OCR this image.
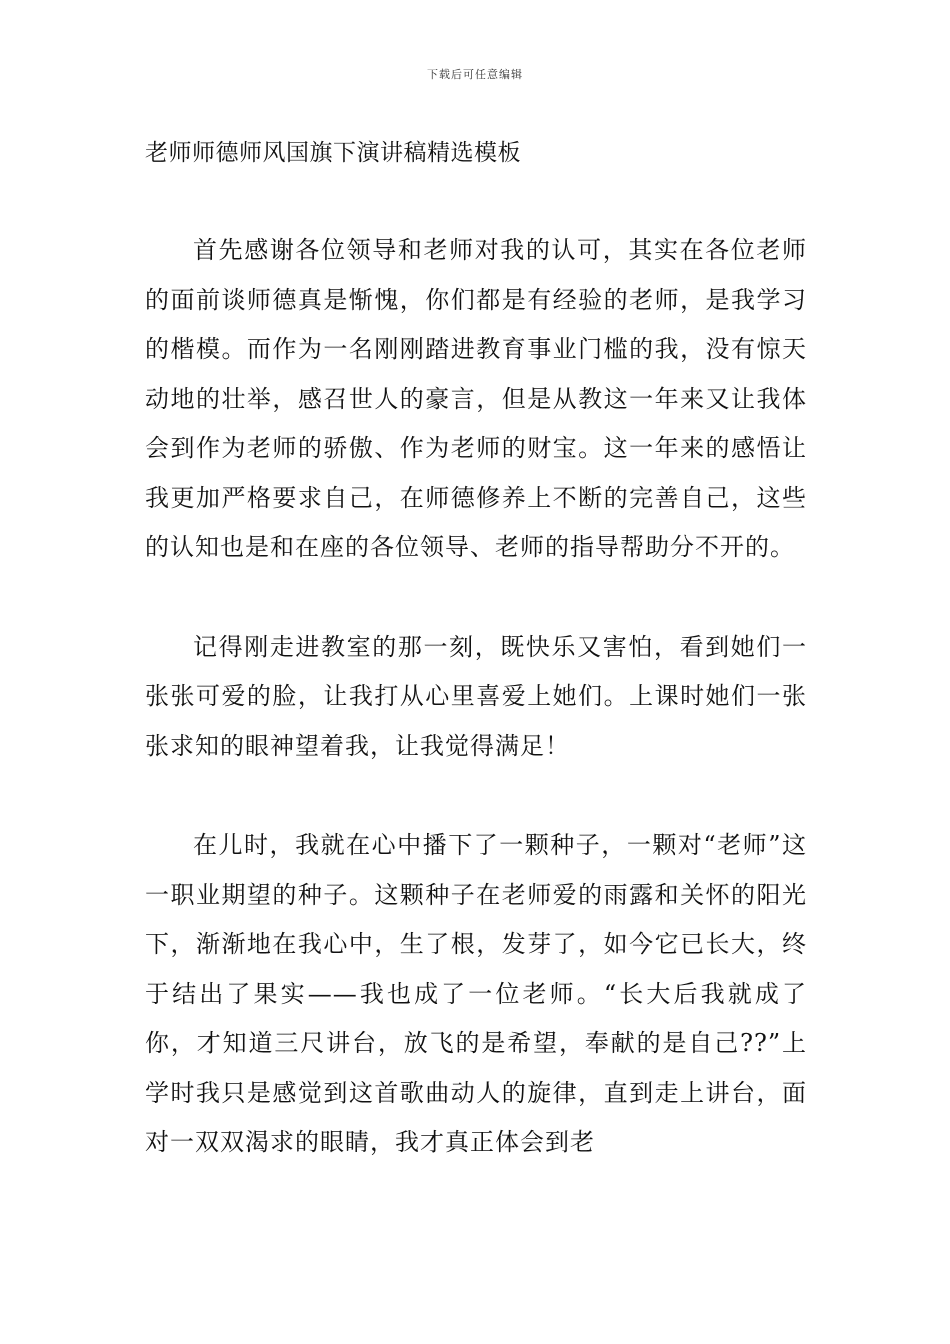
下载后可任意编辑
老师师德师风国旗下演讲稿精选模板

首先感谢各位领导和老师对我的认可，其实在各位老师的面前谈师德真是惭愧，你们都是有经验的老师，是我学习的楷模。而作为一名刚刚踏进教育事业门槛的我，没有惊天动地的壮举，感召世人的豪言，但是从教这一年来又让我体会到作为老师的骄傲、作为老师的财宝。这一年来的感悟让我更加严格要求自己，在师德修养上不断的完善自己，这些的认知也是和在座的各位领导、老师的指导帮助分不开的。

记得刚走进教室的那一刻，既快乐又害怕，看到她们一张张可爱的脸，让我打从心里喜爱上她们。上课时她们一张张求知的眼神望着我，让我觉得满足！

在儿时，我就在心中播下了一颗种子，一颗对“老师”这一职业期望的种子。这颗种子在老师爱的雨露和关怀的阳光下，渐渐地在我心中，生了根，发芽了，如今它已长大，终于结出了果实——我也成了一位老师。“长大后我就成了你，才知道三尺讲台，放飞的是希望，奉献的是自己??”上学时我只是感觉到这首歌曲动人的旋律，直到走上讲台，面对一双双渴求的眼睛，我才真正体会到老
